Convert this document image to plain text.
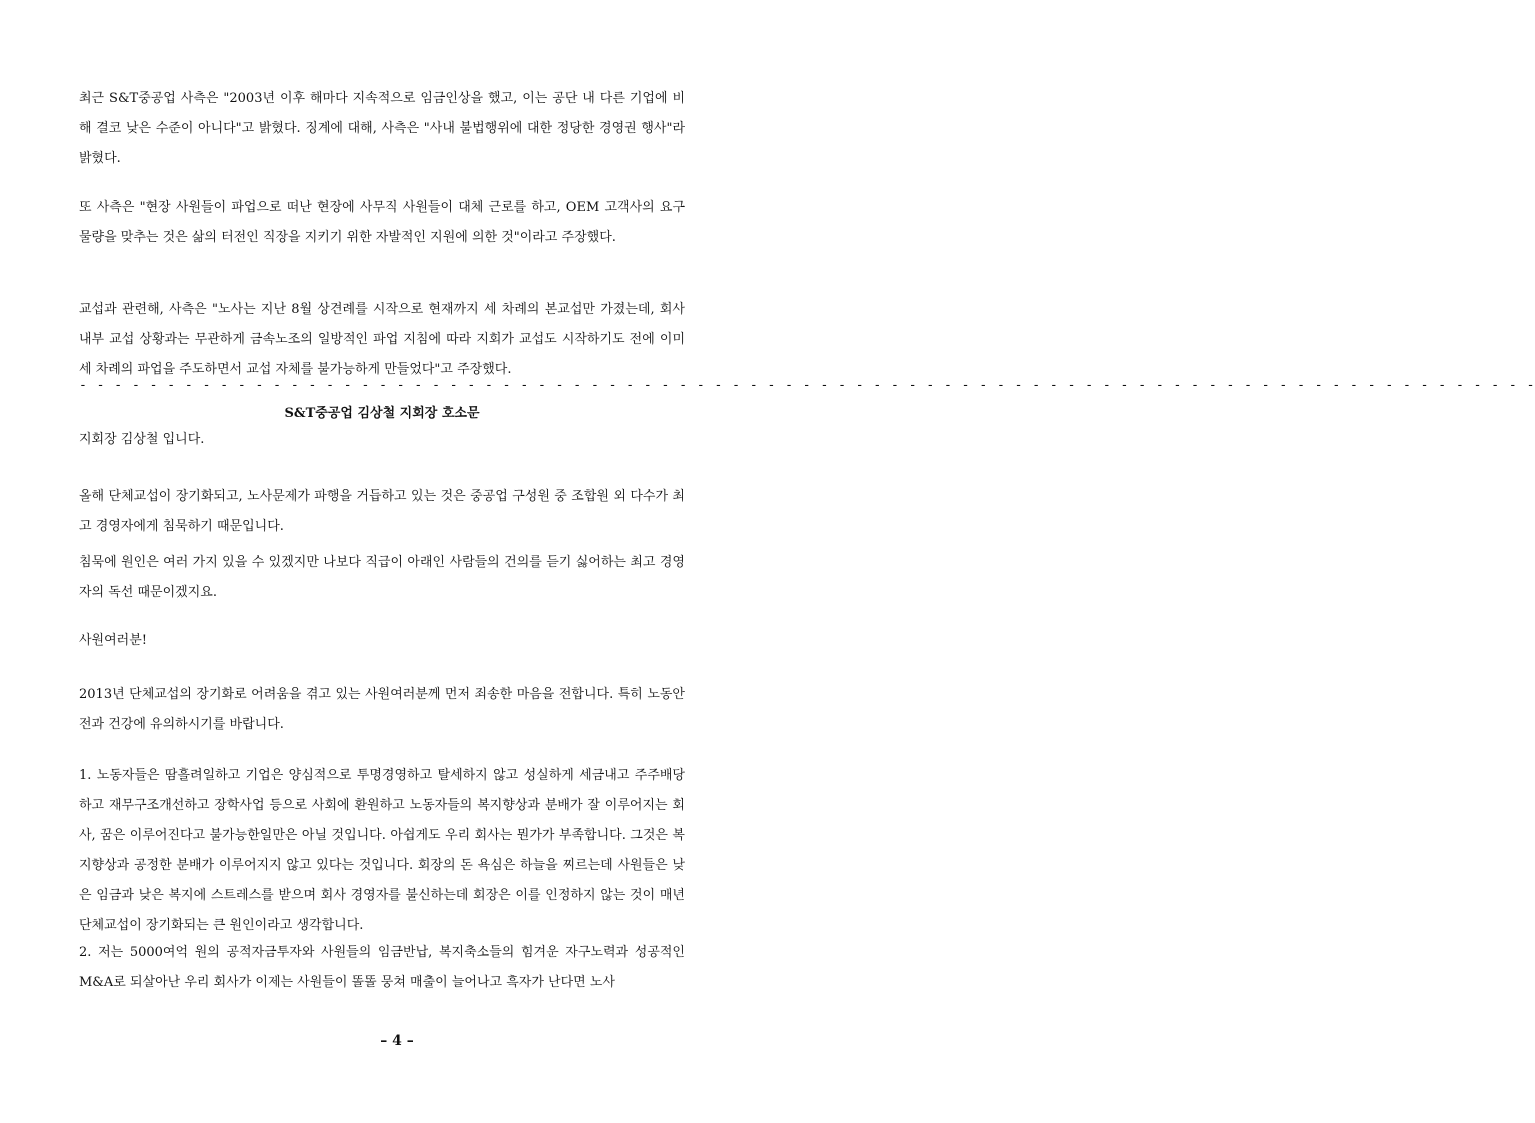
최근 S&T중공업 사측은 "2003년 이후 해마다 지속적으로 임금인상을 했고, 이는 공단 내 다른 기업에 비해 결코 낮은 수준이 아니다"고 밝혔다. 징계에 대해, 사측은 "사내 불법행위에 대한 정당한 경영권 행사"라 밝혔다.

또 사측은 "현장 사원들이 파업으로 떠난 현장에 사무직 사원들이 대체 근로를 하고, OEM 고객사의 요구 물량을 맞추는 것은 삶의 터전인 직장을 지키기 위한 자발적인 지원에 의한 것"이라고 주장했다.

교섭과 관련해, 사측은 "노사는 지난 8월 상견례를 시작으로 현재까지 세 차례의 본교섭만 가졌는데, 회사 내부 교섭 상황과는 무관하게 금속노조의 일방적인 파업 지침에 따라 지회가 교섭도 시작하기도 전에 이미 세 차례의 파업을 주도하면서 교섭 자체를 불가능하게 만들었다"고 주장했다.

- - - - - - - - - - - - - - - - - - - - - - - - - - - - - - - - - - - - - - - - - - - - - - - - - - - - - - - - - - - - - - - - - - - - - - - - - - - - - - - - - - -

S&T중공업 김상철 지회장 호소문

지회장 김상철 입니다.

올해 단체교섭이 장기화되고, 노사문제가 파행을 거듭하고 있는 것은 중공업 구성원 중 조합원 외 다수가 최고 경영자에게 침묵하기 때문입니다.

침묵에 원인은 여러 가지 있을 수 있겠지만 나보다 직급이 아래인 사람들의 건의를 듣기 싫어하는 최고 경영자의 독선 때문이겠지요.

사원여러분!

2013년 단체교섭의 장기화로 어려움을 겪고 있는 사원여러분께 먼저 죄송한 마음을 전합니다. 특히 노동안전과 건강에 유의하시기를 바랍니다.

1. 노동자들은 땀흘려일하고 기업은 양심적으로 투명경영하고 탈세하지 않고 성실하게 세금내고 주주배당하고 재무구조개선하고 장학사업 등으로 사회에 환원하고 노동자들의 복지향상과 분배가 잘 이루어지는 회사, 꿈은 이루어진다고 불가능한일만은 아닐 것입니다. 아쉽게도 우리 회사는 뭔가가 부족합니다. 그것은 복지향상과 공정한 분배가 이루어지지 않고 있다는 것입니다. 회장의 돈 욕심은 하늘을 찌르는데 사원들은 낮은 임금과 낮은 복지에 스트레스를 받으며 회사 경영자를 불신하는데 회장은 이를 인정하지 않는 것이 매년 단체교섭이 장기화되는 큰 원인이라고 생각합니다.

2. 저는 5000여억 원의 공적자금투자와 사원들의 임금반납, 복지축소들의 힘겨운 자구노력과 성공적인 M&A로 되살아난 우리 회사가 이제는 사원들이 똘똘 뭉쳐 매출이 늘어나고 흑자가 난다면 노사

– 4 –
